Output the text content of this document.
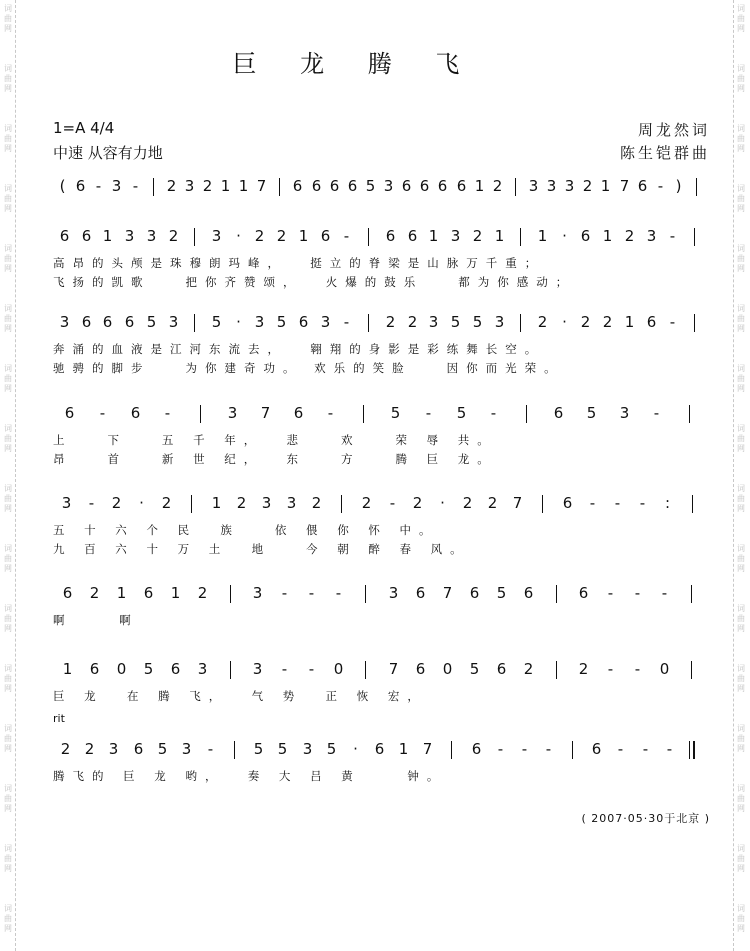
巨 龙 腾 飞
1=A 4/4
中速 从容有力地
周龙然词
陈生铠群曲
( 6 - 3 - 2 3 2 1 1 7 6 6 6 6 5 3 6 6 6 6 1 2 3 3 3 2 1 7 6 - )
6 6 1 3 3 2 3 · 2 2 1 6 - 6 6 1 3 2 1 1 · 6 1 2 3 -
高昂的头颅是珠穆朗玛峰，  挺立的脊梁是山脉万千重；
飞扬的凯歌   把你齐赞颂，  火爆的鼓乐   都为你感动；
3 6 6 6 5 3 5 · 3 5 6 3 - 2 2 3 5 5 3 2 · 2 2 1 6 -
奔涌的血液是江河东流去，  翱翔的身影是彩练舞长空。
驰骋的脚步   为你建奇功。 欢乐的笑脸   因你而光荣。
6 - 6 -	3 7 6 -	5 - 5 -	6 5 3 -
上   下   五 千 年，  悲   欢   荣 辱 共。
昂   首   新 世 纪，  东   方   腾 巨 龙。
3 - 2 · 2	1 2 3 3 2	2 - 2 · 2 2 7	6 - - - :
五 十 六 个 民  族   依 偎 你 怀 中。
九 百 六 十 万 土  地   今 朝 醉 春 风。
6 2 1 6 1 2	3 - - -	3 6 7 6 5 6	6 - - -
啊    啊
1 6 0 5 6 3	3 - - 0	7 6 0 5 6 2	2 - - 0
巨 龙  在 腾 飞，  气 势  正 恢 宏，
2 2 3 6 5 3 -	5 5 3 5 · 6 1 7	6 - - -	6 - - -
腾飞的 巨 龙 哟，  奏 大 吕 黄    钟。
rit
( 2007·05·30于北京 )
词
曲
网
词
曲
网
词
曲
网
词
曲
网
词
曲
网
词
曲
网
词
曲
网
词
曲
网
词
曲
网
词
曲
网
词
曲
网
词
曲
网
词
曲
网
词
曲
网
词
曲
网
词
曲
网
词
曲
网
词
曲
网
词
曲
网
词
曲
网
词
曲
网
词
曲
网
词
曲
网
词
曲
网
词
曲
网
词
曲
网
词
曲
网
词
曲
网
词
曲
网
词
曲
网
词
曲
网
词
曲
网
